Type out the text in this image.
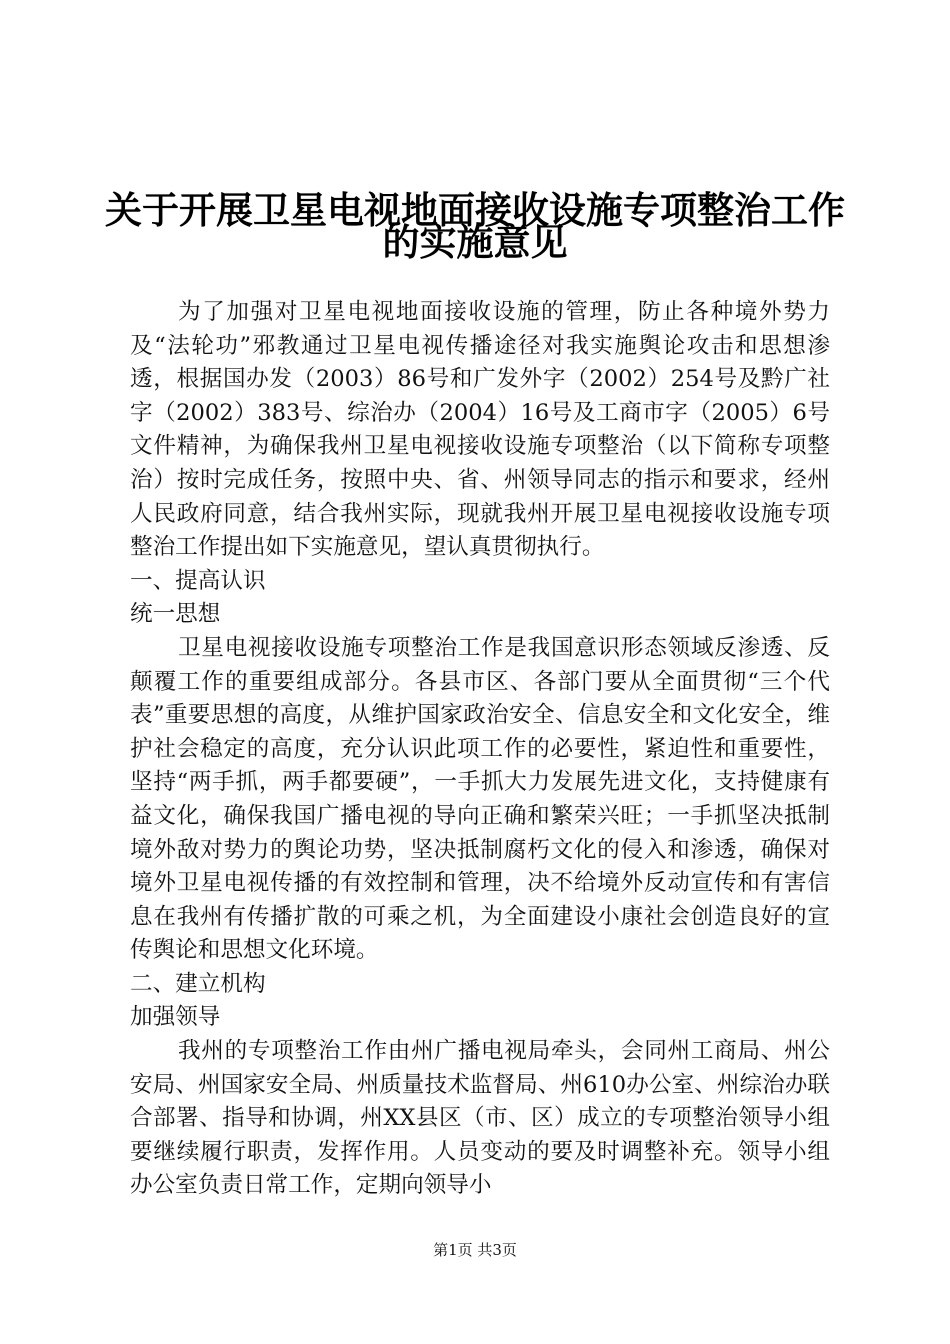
关于开展卫星电视地面接收设施专项整治工作
的实施意见

为了加强对卫星电视地面接收设施的管理，防止各种境外势力及“法轮功”邪教通过卫星电视传播途径对我实施舆论攻击和思想渗透，根据国办发（2003）86号和广发外字（2002）254号及黔广社字（2002）383号、综治办（2004）16号及工商市字（2005）6号文件精神，为确保我州卫星电视接收设施专项整治（以下简称专项整治）按时完成任务，按照中央、省、州领导同志的指示和要求，经州人民政府同意，结合我州实际，现就我州开展卫星电视接收设施专项整治工作提出如下实施意见，望认真贯彻执行。

一、提高认识

统一思想

卫星电视接收设施专项整治工作是我国意识形态领域反渗透、反颠覆工作的重要组成部分。各县市区、各部门要从全面贯彻“三个代表”重要思想的高度，从维护国家政治安全、信息安全和文化安全，维护社会稳定的高度，充分认识此项工作的必要性，紧迫性和重要性，坚持“两手抓，两手都要硬”，一手抓大力发展先进文化，支持健康有益文化，确保我国广播电视的导向正确和繁荣兴旺；一手抓坚决抵制境外敌对势力的舆论功势，坚决抵制腐朽文化的侵入和渗透，确保对境外卫星电视传播的有效控制和管理，决不给境外反动宣传和有害信息在我州有传播扩散的可乘之机，为全面建设小康社会创造良好的宣传舆论和思想文化环境。

二、建立机构

加强领导

我州的专项整治工作由州广播电视局牵头，会同州工商局、州公安局、州国家安全局、州质量技术监督局、州610办公室、州综治办联合部署、指导和协调，州XX县区（市、区）成立的专项整治领导小组要继续履行职责，发挥作用。人员变动的要及时调整补充。领导小组办公室负责日常工作，定期向领导小

第1页 共3页
